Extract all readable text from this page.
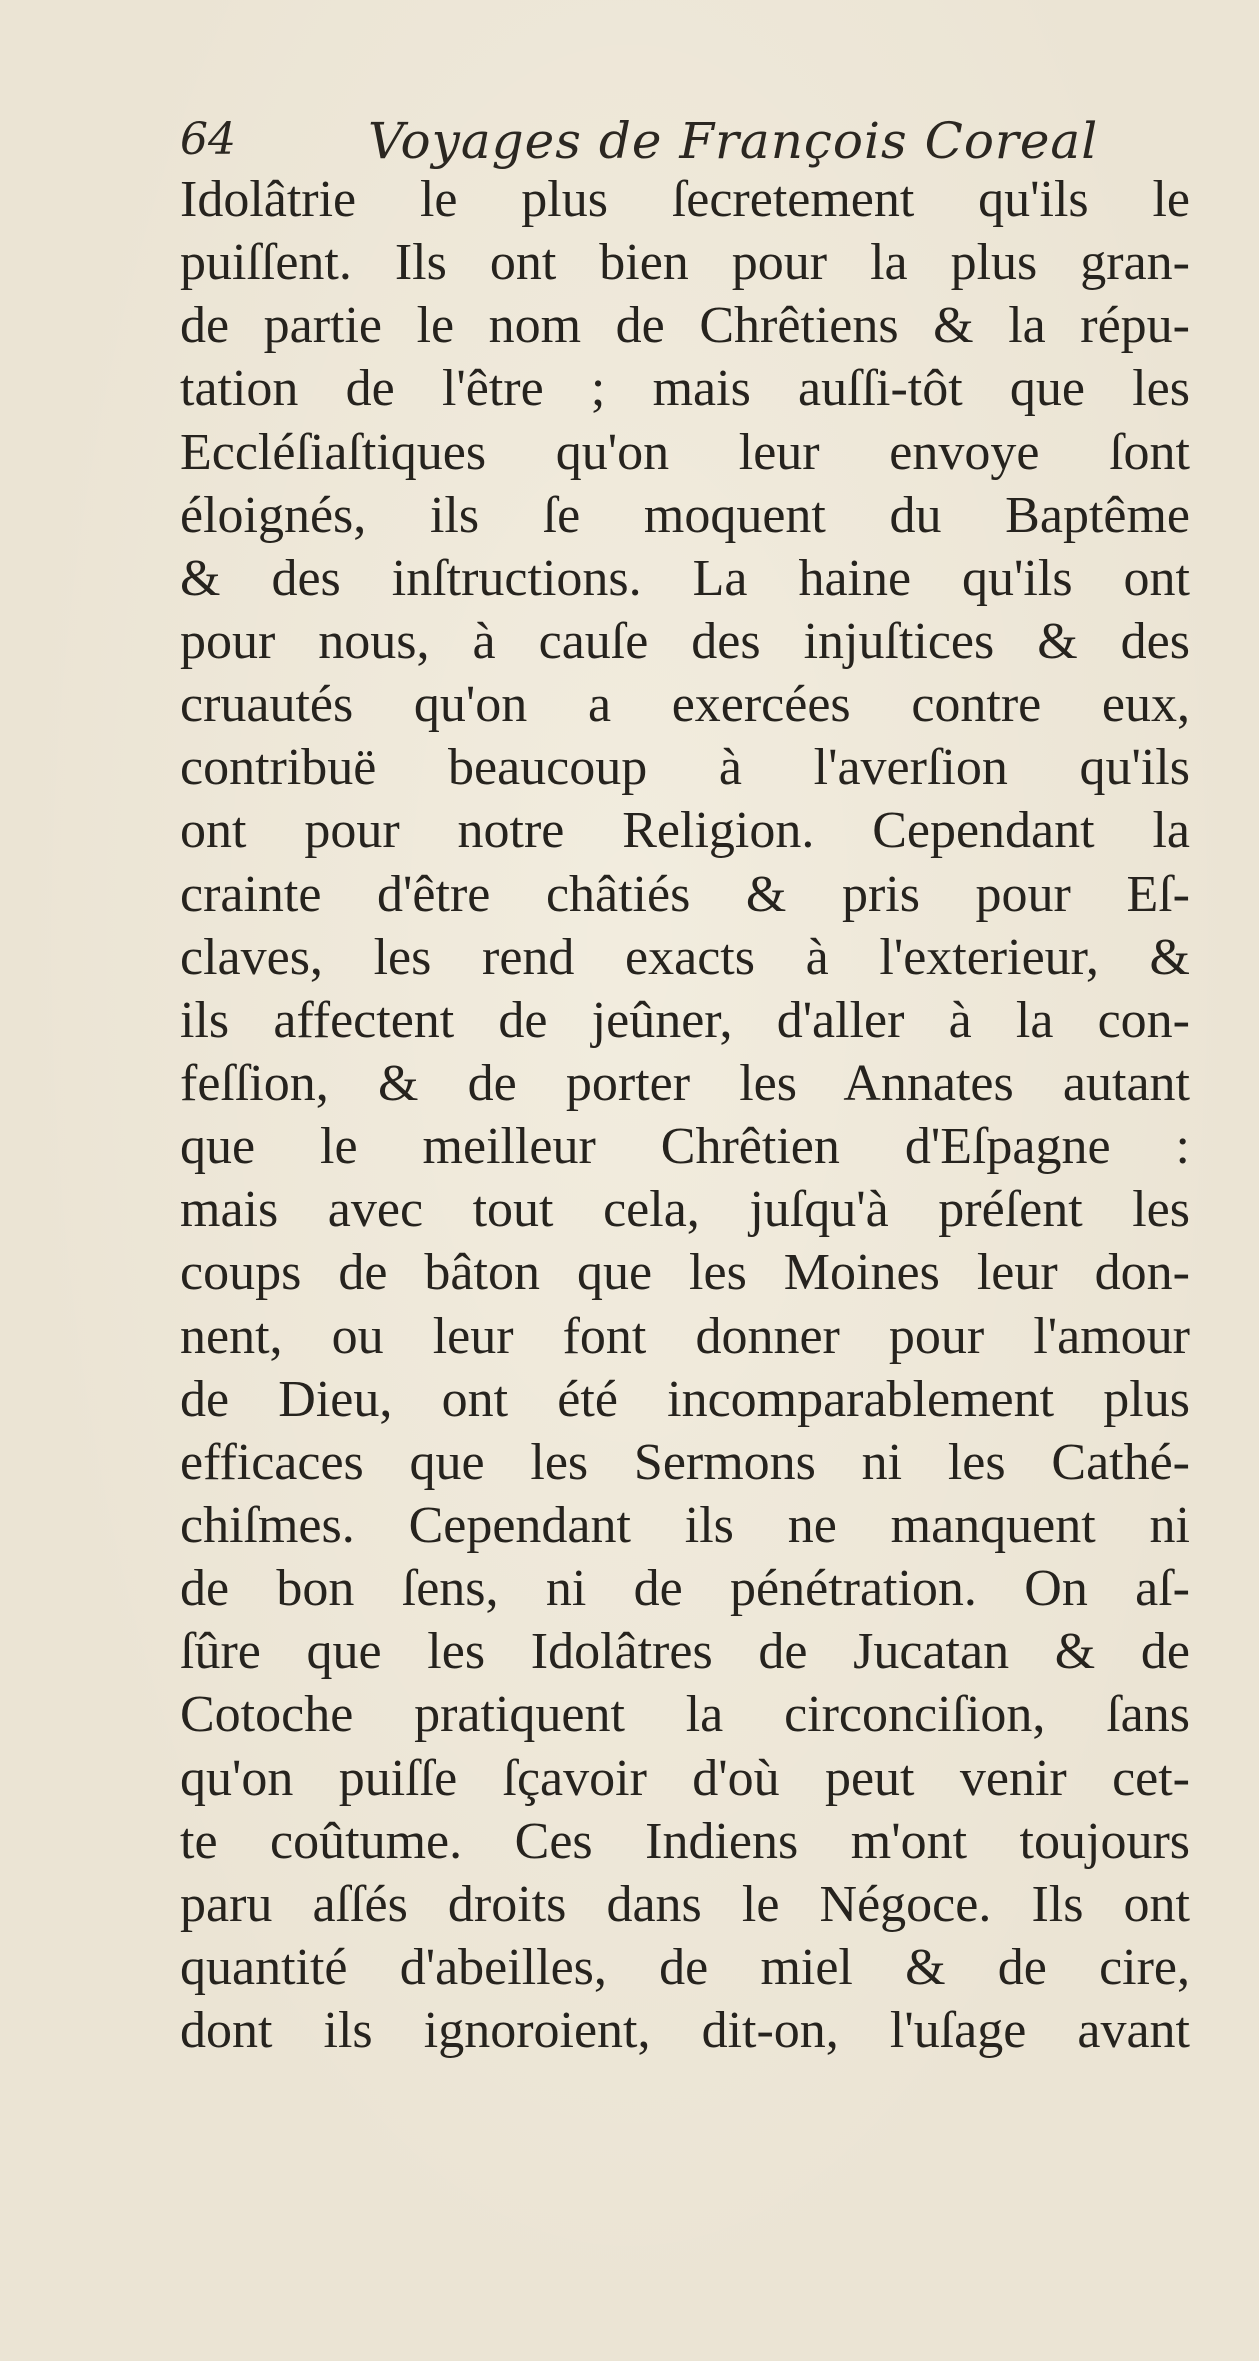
64	Voyages de François Coreal
Idolâtrie le plus ſecretement qu'ils le
puiſſent. Ils ont bien pour la plus gran-
de partie le nom de Chrêtiens & la répu-
tation de l'être ; mais auſſi-tôt que les
Eccléſiaſtiques qu'on leur envoye ſont
éloignés, ils ſe moquent du Baptême
& des inſtructions. La haine qu'ils ont
pour nous, à cauſe des injuſtices & des
cruautés qu'on a exercées contre eux,
contribuë beaucoup à l'averſion qu'ils
ont pour notre Religion. Cependant la
crainte d'être châtiés & pris pour Eſ-
claves, les rend exacts à l'exterieur, &
ils affectent de jeûner, d'aller à la con-
feſſion, & de porter les Annates autant
que le meilleur Chrêtien d'Eſpagne :
mais avec tout cela, juſqu'à préſent les
coups de bâton que les Moines leur don-
nent, ou leur font donner pour l'amour
de Dieu, ont été incomparablement plus
efficaces que les Sermons ni les Cathé-
chiſmes. Cependant ils ne manquent ni
de bon ſens, ni de pénétration. On aſ-
ſûre que les Idolâtres de Jucatan & de
Cotoche pratiquent la circonciſion, ſans
qu'on puiſſe ſçavoir d'où peut venir cet-
te coûtume. Ces Indiens m'ont toujours
paru aſſés droits dans le Négoce. Ils ont
quantité d'abeilles, de miel & de cire,
dont ils ignoroient, dit-on, l'uſage avant
